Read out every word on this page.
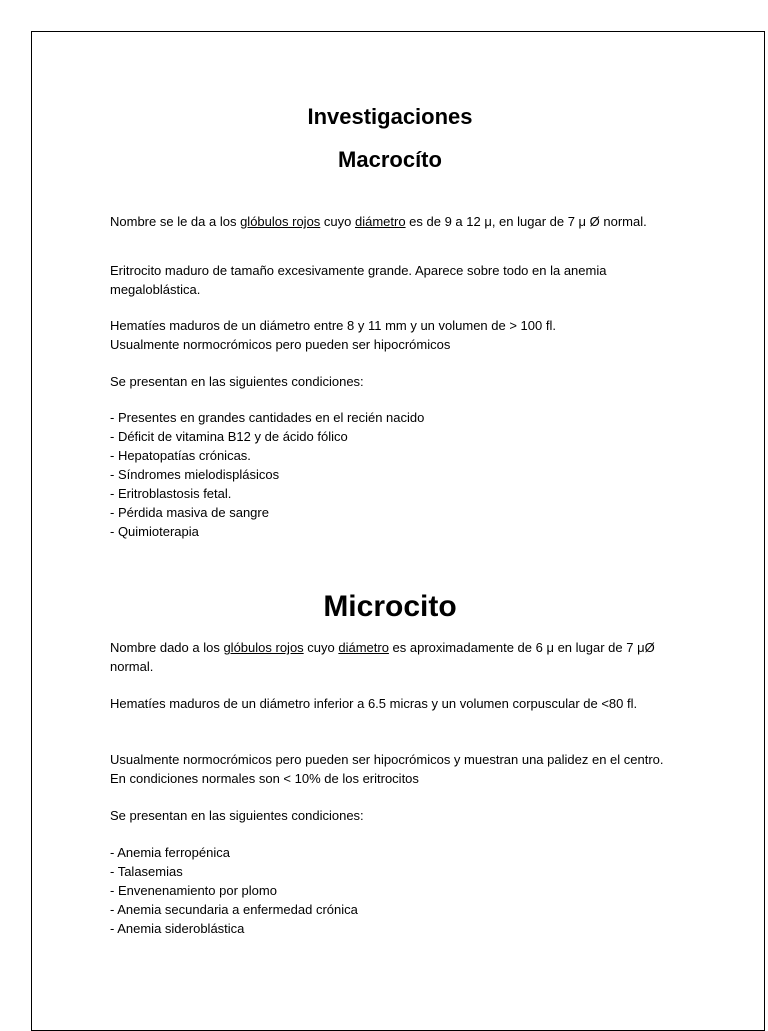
Investigaciones
Macrocíto

Nombre se le da a los glóbulos rojos cuyo diámetro es de 9 a 12 μ, en lugar de 7 μ Ø normal.

Eritrocito maduro de tamaño excesivamente grande. Aparece sobre todo en la anemia megaloblástica.

Hematíes maduros de un diámetro entre 8 y 11 mm y un volumen de > 100 fl.
Usualmente normocrómicos pero pueden ser hipocrómicos

Se presentan en las siguientes condiciones:

- Presentes en grandes cantidades en el recién nacido
- Déficit de vitamina B12 y de ácido fólico
- Hepatopatías crónicas.
- Síndromes mielodisplásicos
- Eritroblastosis fetal.
- Pérdida masiva de sangre
- Quimioterapia
Microcito

Nombre dado a los glóbulos rojos cuyo diámetro es aproximadamente de 6 μ en lugar de 7 μØ normal.

Hematíes maduros de un diámetro inferior a 6.5 micras y un volumen corpuscular de <80 fl.

Usualmente normocrómicos pero pueden ser hipocrómicos y muestran una palidez en el centro. En condiciones normales son < 10% de los eritrocitos

Se presentan en las siguientes condiciones:

- Anemia ferropénica
- Talasemias
- Envenenamiento por plomo
- Anemia secundaria a enfermedad crónica
- Anemia sideroblástica
